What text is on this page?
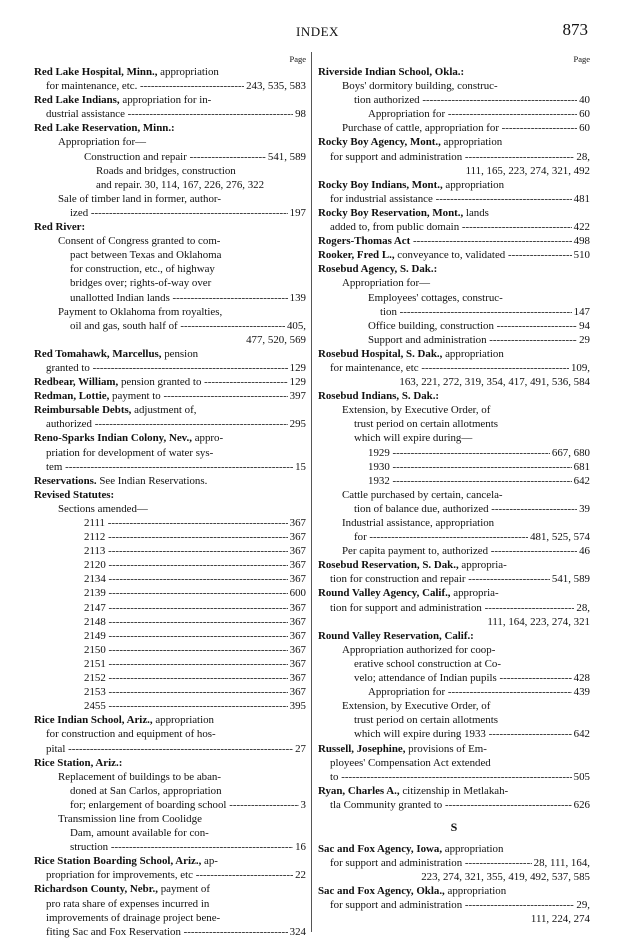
INDEX	873
Page
Red Lake Hospital, Minn., appropriation
for maintenance, etc. -----	243, 535, 583
Red Lake Indians, appropriation for in-
dustrial assistance -----	98
Red Lake Reservation, Minn.:
Appropriation for—
Construction and repair -----	541, 589
Roads and bridges, construction
and repair. 30, 114, 167, 226, 276, 322
Sale of timber land in former, author-
ized -----	197
Red River:
Consent of Congress granted to com-
pact between Texas and Oklahoma
for construction, etc., of highway
bridges over; rights-of-way over
unallotted Indian lands -----	139
Payment to Oklahoma from royalties,
oil and gas, south half of -----	405,
477, 520, 569
Red Tomahawk, Marcellus, pension
granted to -----	129
Redbear, William, pension granted to -----	129
Redman, Lottie, payment to -----	397
Reimbursable Debts, adjustment of,
authorized -----	295
Reno-Sparks Indian Colony, Nev., appro-
priation for development of water sys-
tem -----	15
Reservations. See Indian Reservations.
Revised Statutes:
Sections amended—
2111 -----	367
2112 -----	367
2113 -----	367
2120 -----	367
2134 -----	367
2139 -----	600
2147 -----	367
2148 -----	367
2149 -----	367
2150 -----	367
2151 -----	367
2152 -----	367
2153 -----	367
2455 -----	395
Rice Indian School, Ariz., appropriation
for construction and equipment of hos-
pital -----	27
Rice Station, Ariz.:
Replacement of buildings to be aban-
doned at San Carlos, appropriation
for; enlargement of boarding school -----	3
Transmission line from Coolidge
Dam, amount available for con-
struction -----	16
Rice Station Boarding School, Ariz., ap-
propriation for improvements, etc -----	22
Richardson County, Nebr., payment of
pro rata share of expenses incurred in
improvements of drainage project bene-
fiting Sac and Fox Reservation -----	324
Page
Riverside Indian School, Okla.:
Boys' dormitory building, construc-
tion authorized -----	40
Appropriation for -----	60
Purchase of cattle, appropriation for -----	60
Rocky Boy Agency, Mont., appropriation
for support and administration -----	28,
111, 165, 223, 274, 321, 492
Rocky Boy Indians, Mont., appropriation
for industrial assistance -----	481
Rocky Boy Reservation, Mont., lands
added to, from public domain -----	422
Rogers-Thomas Act -----	498
Rooker, Fred L., conveyance to, validated -----	510
Rosebud Agency, S. Dak.:
Appropriation for—
Employees' cottages, construc-
tion -----	147
Office building, construction -----	94
Support and administration -----	29
Rosebud Hospital, S. Dak., appropriation
for maintenance, etc -----	109,
163, 221, 272, 319, 354, 417, 491, 536, 584
Rosebud Indians, S. Dak.:
Extension, by Executive Order, of
trust period on certain allotments
which will expire during—
1929 -----	667, 680
1930 -----	681
1932 -----	642
Cattle purchased by certain, cancela-
tion of balance due, authorized -----	39
Industrial assistance, appropriation
for -----	481, 525, 574
Per capita payment to, authorized -----	46
Rosebud Reservation, S. Dak., appropria-
tion for construction and repair -----	541, 589
Round Valley Agency, Calif., appropria-
tion for support and administration -----	28,
111, 164, 223, 274, 321
Round Valley Reservation, Calif.:
Appropriation authorized for coop-
erative school construction at Co-
velo; attendance of Indian pupils -----	428
Appropriation for -----	439
Extension, by Executive Order, of
trust period on certain allotments
which will expire during 1933 -----	642
Russell, Josephine, provisions of Em-
ployees' Compensation Act extended
to -----	505
Ryan, Charles A., citizenship in Metlakah-
tla Community granted to -----	626
S
Sac and Fox Agency, Iowa, appropriation
for support and administration -----	28, 111, 164,
223, 274, 321, 355, 419, 492, 537, 585
Sac and Fox Agency, Okla., appropriation
for support and administration -----	29,
111, 224, 274
